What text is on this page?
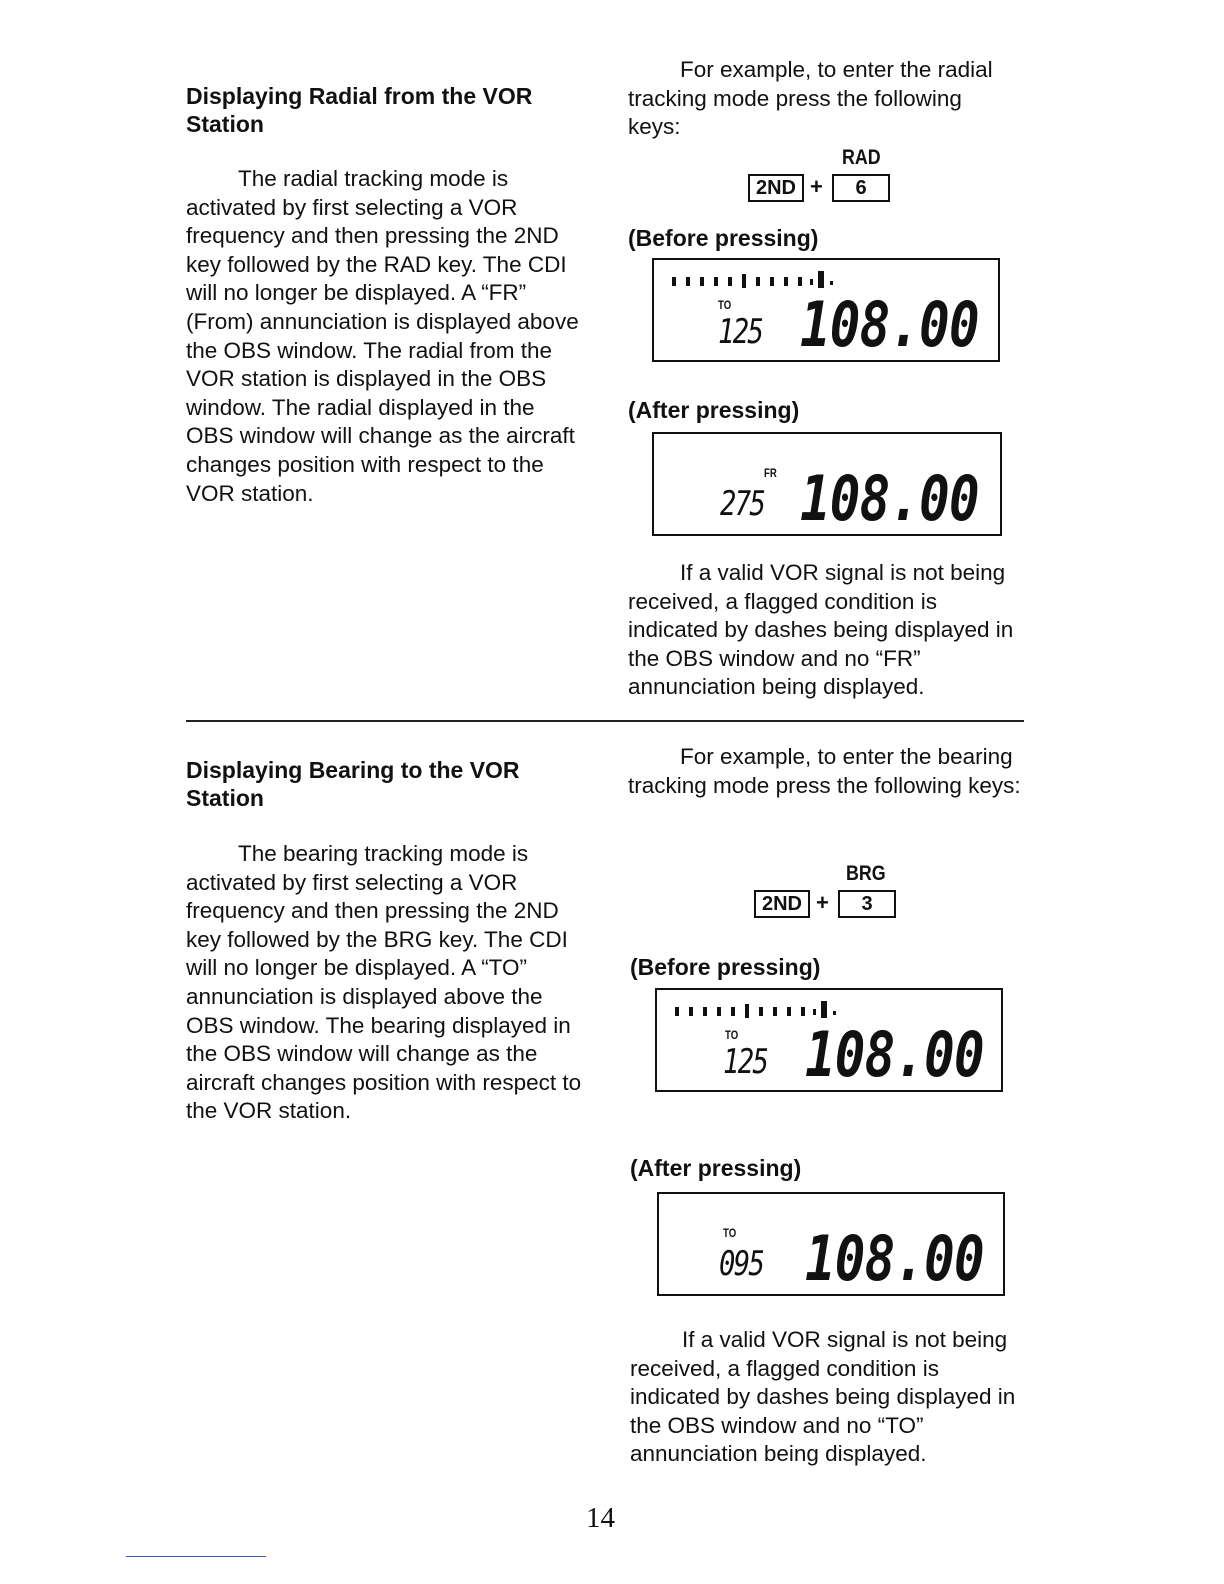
Displaying Radial from the VOR Station

The radial tracking mode is activated by first selecting a VOR frequency and then pressing the 2ND key followed by the RAD key. The CDI will no longer be displayed. A “FR” (From) annunciation is displayed above the OBS window. The radial from the VOR station is displayed in the OBS window. The radial displayed in the OBS window will change as the aircraft changes position with respect to the VOR station.

For example, to enter the radial tracking mode press the following keys:

RAD
2ND +	6
(Before pressing)
TO
125 108.00
(After pressing)
FR
275 108.00

If a valid VOR signal is not being received, a flagged condition is indicated by dashes being displayed in the OBS window and no “FR” annunciation being displayed.

Displaying Bearing to the VOR Station

The bearing tracking mode is activated by first selecting a VOR frequency and then pressing the 2ND key followed by the BRG key. The CDI will no longer be displayed. A “TO” annunciation is displayed above the OBS window. The bearing displayed in the OBS window will change as the aircraft changes position with respect to the VOR station.

For example, to enter the bearing tracking mode press the following keys:

BRG
2ND +	3
(Before pressing)
TO
125 108.00
(After pressing)
TO
095 108.00

If a valid VOR signal is not being received, a flagged condition is indicated by dashes being displayed in the OBS window and no “TO” annunciation being displayed.

14
